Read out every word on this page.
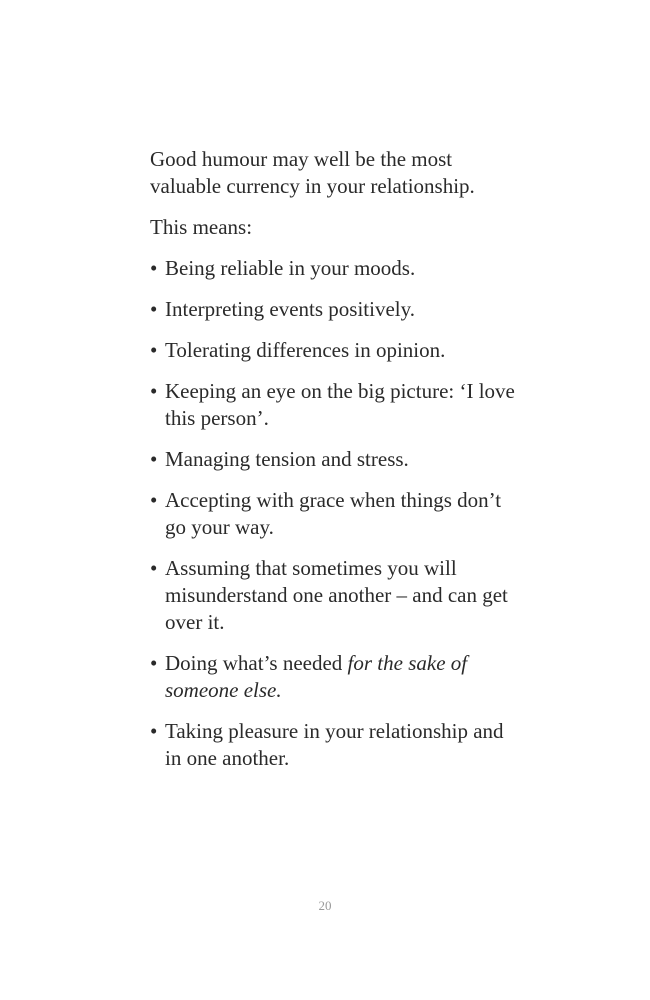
Good humour may well be the most valuable currency in your relationship.

This means:

• Being reliable in your moods.
• Interpreting events positively.
• Tolerating differences in opinion.
• Keeping an eye on the big picture: ‘I love this person’.
• Managing tension and stress.
• Accepting with grace when things don’t go your way.
• Assuming that sometimes you will misunderstand one another – and can get over it.
• Doing what’s needed for the sake of someone else.
• Taking pleasure in your relationship and in one another.
20
